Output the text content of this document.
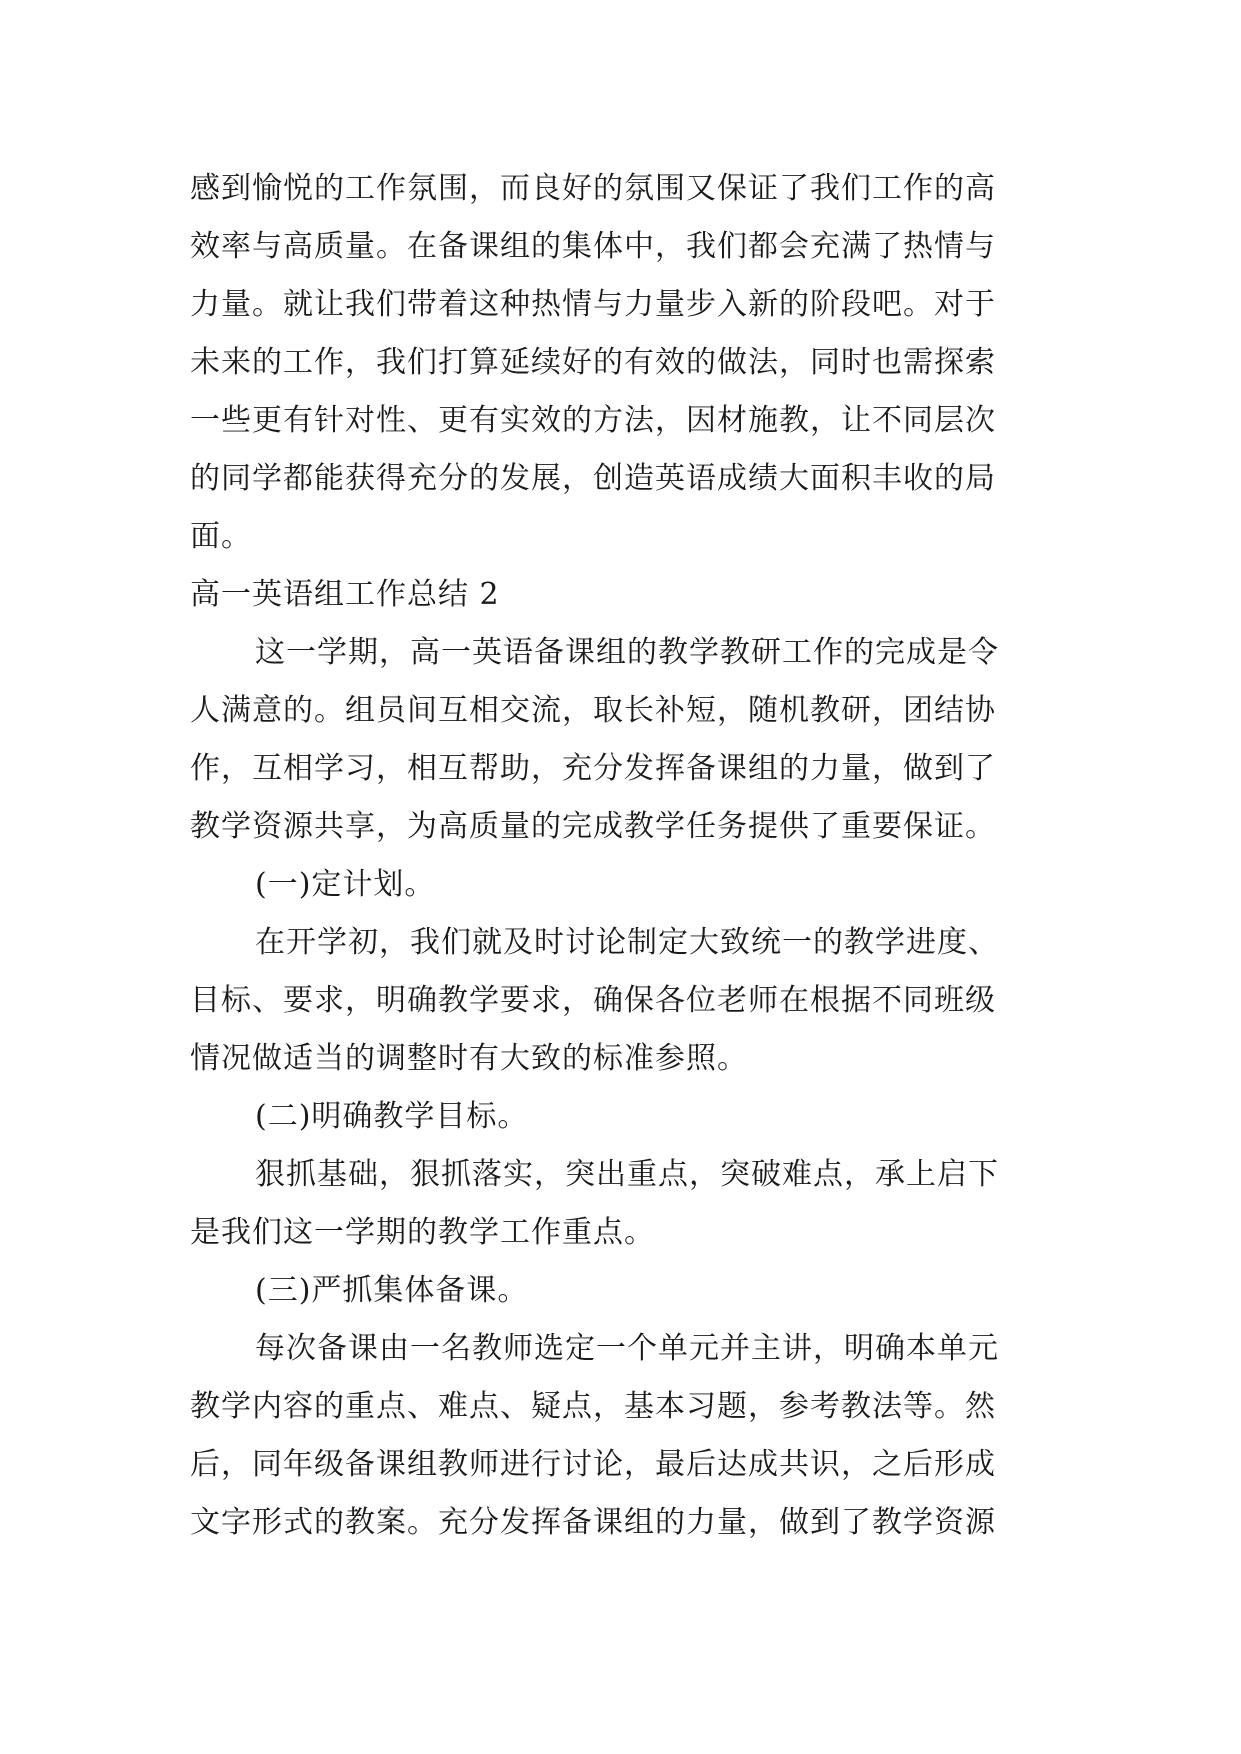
感到愉悦的工作氛围，而良好的氛围又保证了我们工作的高
效率与高质量。在备课组的集体中，我们都会充满了热情与
力量。就让我们带着这种热情与力量步入新的阶段吧。对于
未来的工作，我们打算延续好的有效的做法，同时也需探索
一些更有针对性、更有实效的方法，因材施教，让不同层次
的同学都能获得充分的发展，创造英语成绩大面积丰收的局
面。
高一英语组工作总结 2
这一学期，高一英语备课组的教学教研工作的完成是令
人满意的。组员间互相交流，取长补短，随机教研，团结协
作，互相学习，相互帮助，充分发挥备课组的力量，做到了
教学资源共享，为高质量的完成教学任务提供了重要保证。
(一)定计划。
在开学初，我们就及时讨论制定大致统一的教学进度、
目标、要求，明确教学要求，确保各位老师在根据不同班级
情况做适当的调整时有大致的标准参照。
(二)明确教学目标。
狠抓基础，狠抓落实，突出重点，突破难点，承上启下
是我们这一学期的教学工作重点。
(三)严抓集体备课。
每次备课由一名教师选定一个单元并主讲，明确本单元
教学内容的重点、难点、疑点，基本习题，参考教法等。然
后，同年级备课组教师进行讨论，最后达成共识，之后形成
文字形式的教案。充分发挥备课组的力量，做到了教学资源
